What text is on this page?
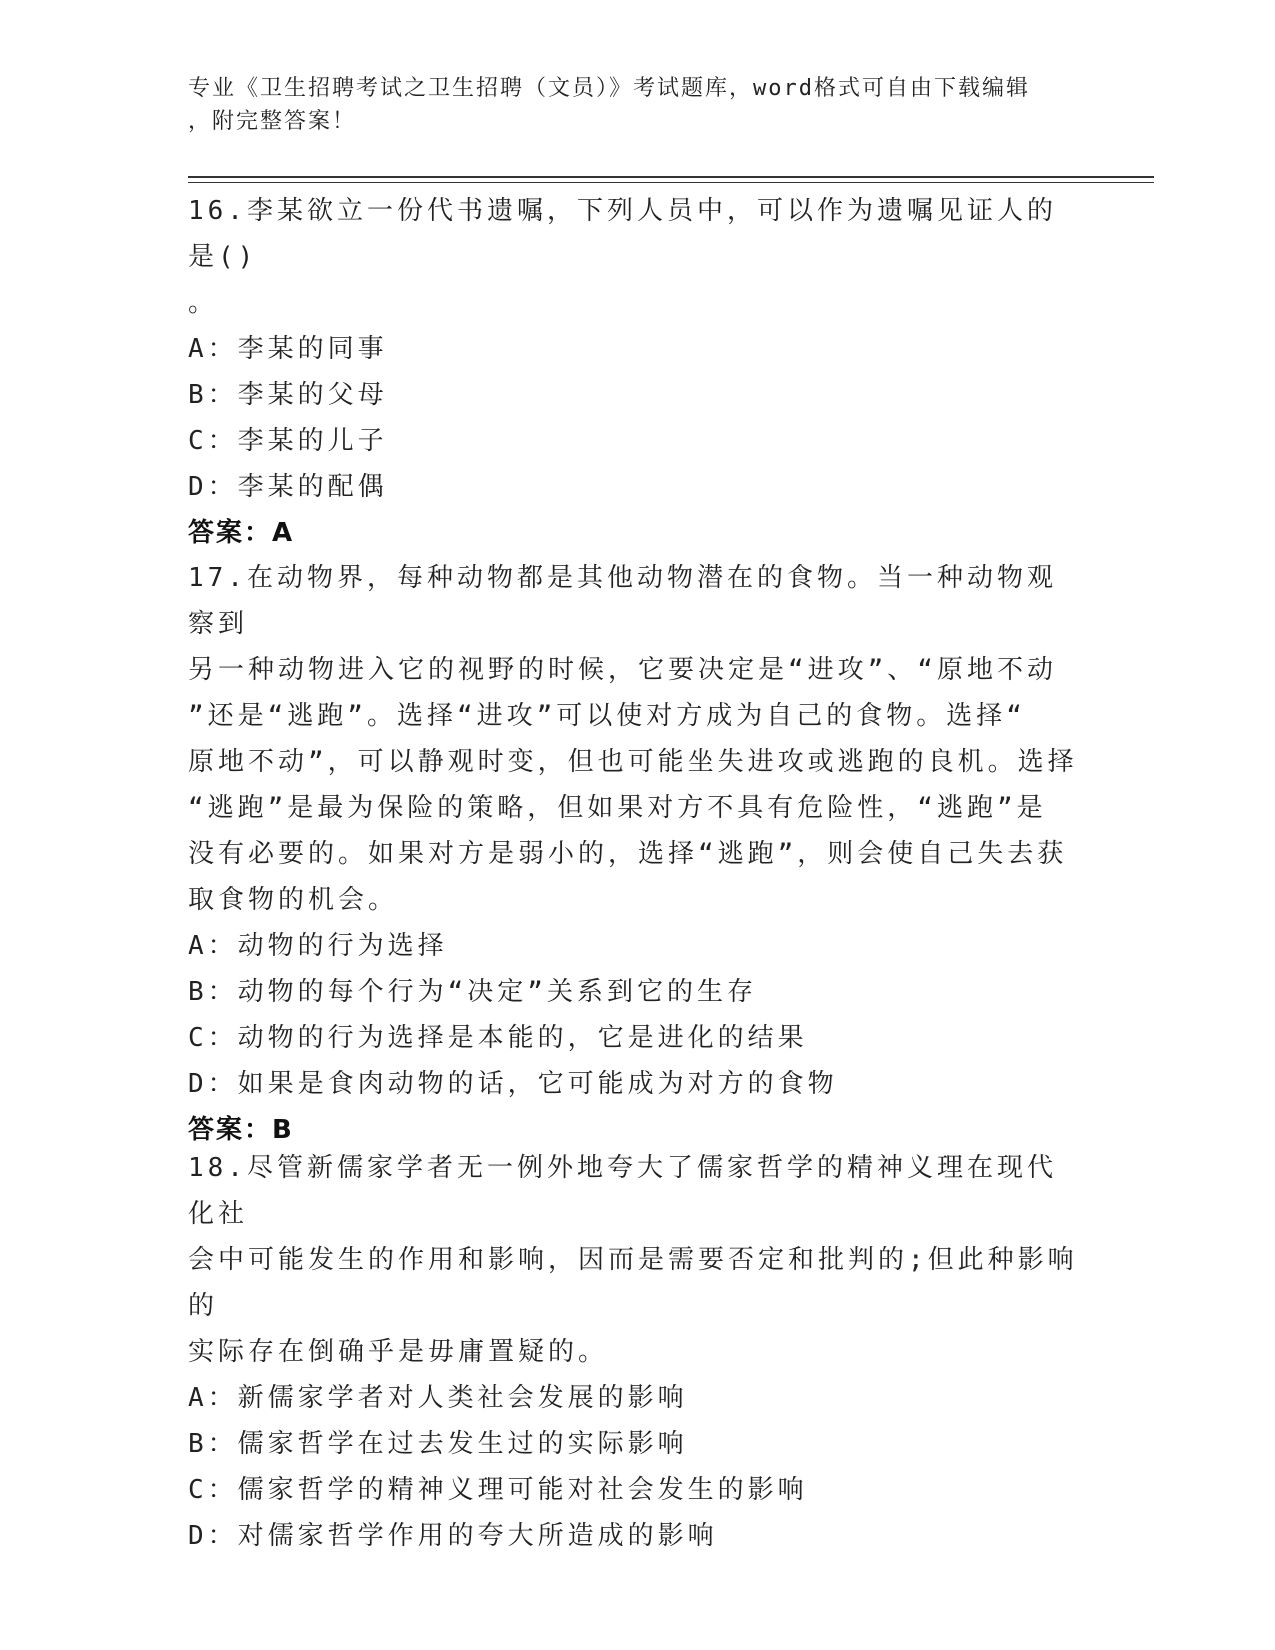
专业《卫生招聘考试之卫生招聘（文员）》考试题库，word格式可自由下载编辑
，附完整答案！
16.李某欲立一份代书遗嘱，下列人员中，可以作为遗嘱见证人的是()
。
A：李某的同事
B：李某的父母
C：李某的儿子
D：李某的配偶
答案：A
17.在动物界，每种动物都是其他动物潜在的食物。当一种动物观察到
另一种动物进入它的视野的时候，它要决定是“进攻”、“原地不动
”还是“逃跑”。选择“进攻”可以使对方成为自己的食物。选择“
原地不动”，可以静观时变，但也可能坐失进攻或逃跑的良机。选择
“逃跑”是最为保险的策略，但如果对方不具有危险性，“逃跑”是
没有必要的。如果对方是弱小的，选择“逃跑”，则会使自己失去获
取食物的机会。
A：动物的行为选择
B：动物的每个行为“决定”关系到它的生存
C：动物的行为选择是本能的，它是进化的结果
D：如果是食肉动物的话，它可能成为对方的食物
答案：B
18.尽管新儒家学者无一例外地夸大了儒家哲学的精神义理在现代化社
会中可能发生的作用和影响，因而是需要否定和批判的;但此种影响的
实际存在倒确乎是毋庸置疑的。
A：新儒家学者对人类社会发展的影响
B：儒家哲学在过去发生过的实际影响
C：儒家哲学的精神义理可能对社会发生的影响
D：对儒家哲学作用的夸大所造成的影响
